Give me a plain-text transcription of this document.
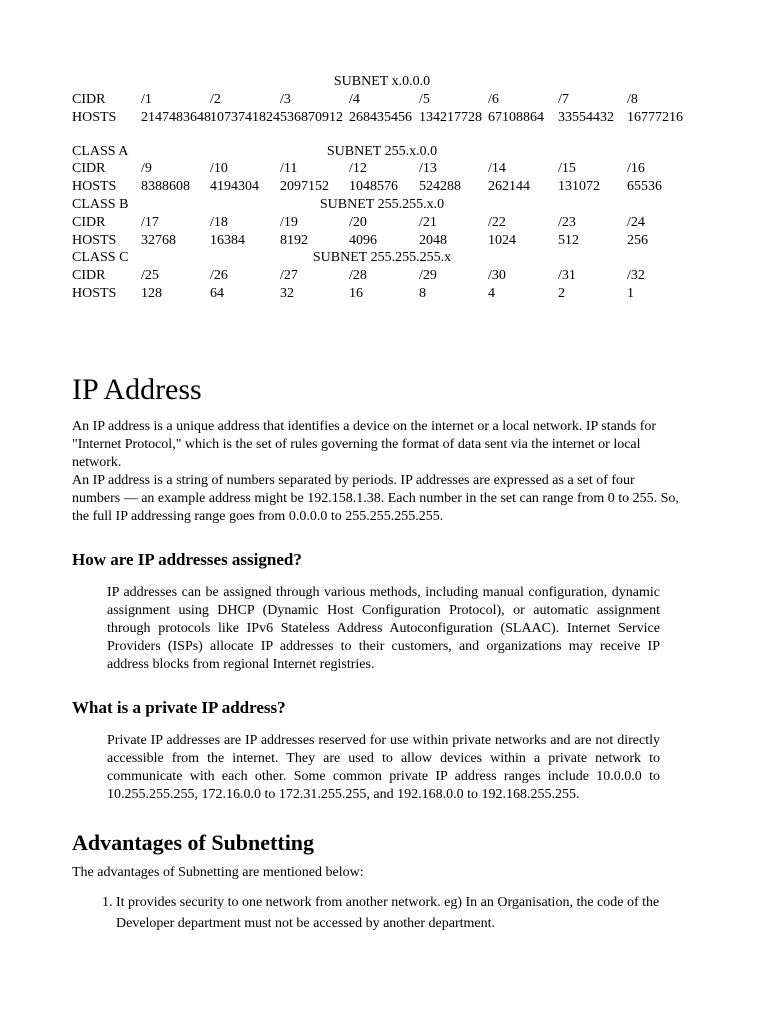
SUBNET x.0.0.0
CIDR	/1	/2	/3	/4	/5	/6	/7	/8
HOSTS 2147483648 1073741824 536870912 268435456 134217728 67108864 33554432 16777216
CLASS A	SUBNET 255.x.0.0
CIDR	/9	/10	/11	/12	/13	/14	/15	/16
HOSTS 8388608 4194304 2097152 1048576 524288 262144 131072 65536
CLASS B	SUBNET 255.255.x.0
CIDR	/17	/18	/19	/20	/21	/22	/23	/24
HOSTS 32768 16384	8192	4096	2048	1024	512	256
CLASS C	SUBNET 255.255.255.x
CIDR	/25	/26	/27	/28	/29	/30	/31	/32
HOSTS 128	64	32	16	8	4	2	1
IP Address

An IP address is a unique address that identifies a device on the internet or a local network. IP stands for "Internet Protocol," which is the set of rules governing the format of data sent via the internet or local network.

An IP address is a string of numbers separated by periods. IP addresses are expressed as a set of four numbers — an example address might be 192.158.1.38. Each number in the set can range from 0 to 255. So, the full IP addressing range goes from 0.0.0.0 to 255.255.255.255.

How are IP addresses assigned?

IP addresses can be assigned through various methods, including manual configuration, dynamic assignment using DHCP (Dynamic Host Configuration Protocol), or automatic assignment through protocols like IPv6 Stateless Address Autoconfiguration (SLAAC). Internet Service Providers (ISPs) allocate IP addresses to their customers, and organizations may receive IP address blocks from regional Internet registries.

What is a private IP address?

Private IP addresses are IP addresses reserved for use within private networks and are not directly accessible from the internet. They are used to allow devices within a private network to communicate with each other. Some common private IP address ranges include 10.0.0.0 to 10.255.255.255, 172.16.0.0 to 172.31.255.255, and 192.168.0.0 to 192.168.255.255.

Advantages of Subnetting

The advantages of Subnetting are mentioned below:

1. It provides security to one network from another network. eg) In an Organisation, the code of the Developer department must not be accessed by another department.
